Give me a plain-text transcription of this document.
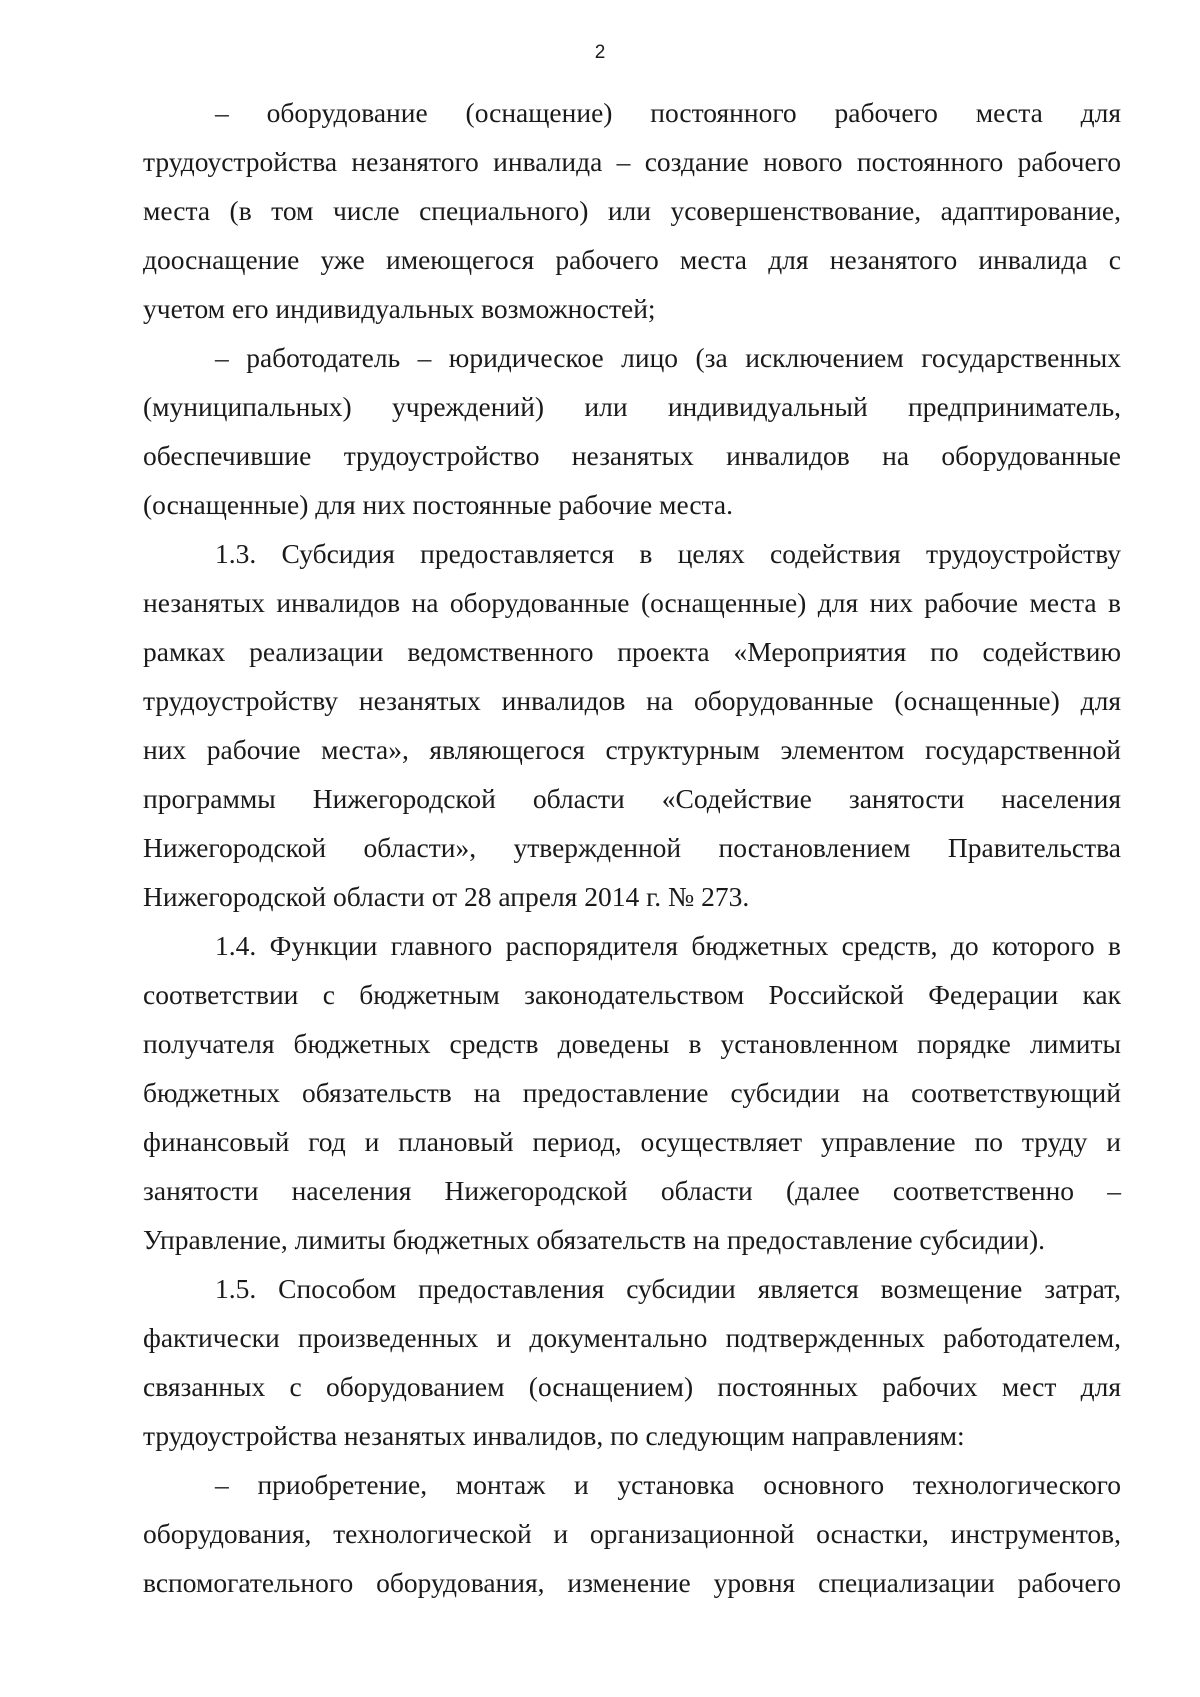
2

– оборудование (оснащение) постоянного рабочего места для
трудоустройства незанятого инвалида – создание нового постоянного рабочего
места (в том числе специального) или усовершенствование, адаптирование,
дооснащение уже имеющегося рабочего места для незанятого инвалида с
учетом его индивидуальных возможностей;

– работодатель – юридическое лицо (за исключением государственных
(муниципальных) учреждений) или индивидуальный предприниматель,
обеспечившие трудоустройство незанятых инвалидов на оборудованные
(оснащенные) для них постоянные рабочие места.

1.3. Субсидия предоставляется в целях содействия трудоустройству
незанятых инвалидов на оборудованные (оснащенные) для них рабочие места в
рамках реализации ведомственного проекта «Мероприятия по содействию
трудоустройству незанятых инвалидов на оборудованные (оснащенные) для
них рабочие места», являющегося структурным элементом государственной
программы Нижегородской области «Содействие занятости населения
Нижегородской области», утвержденной постановлением Правительства
Нижегородской области от 28 апреля 2014 г. № 273.

1.4. Функции главного распорядителя бюджетных средств, до которого в
соответствии с бюджетным законодательством Российской Федерации как
получателя бюджетных средств доведены в установленном порядке лимиты
бюджетных обязательств на предоставление субсидии на соответствующий
финансовый год и плановый период, осуществляет управление по труду и
занятости населения Нижегородской области (далее соответственно –
Управление, лимиты бюджетных обязательств на предоставление субсидии).

1.5. Способом предоставления субсидии является возмещение затрат,
фактически произведенных и документально подтвержденных работодателем,
связанных с оборудованием (оснащением) постоянных рабочих мест для
трудоустройства незанятых инвалидов, по следующим направлениям:

– приобретение, монтаж и установка основного технологического
оборудования, технологической и организационной оснастки, инструментов,
вспомогательного оборудования, изменение уровня специализации рабочего
